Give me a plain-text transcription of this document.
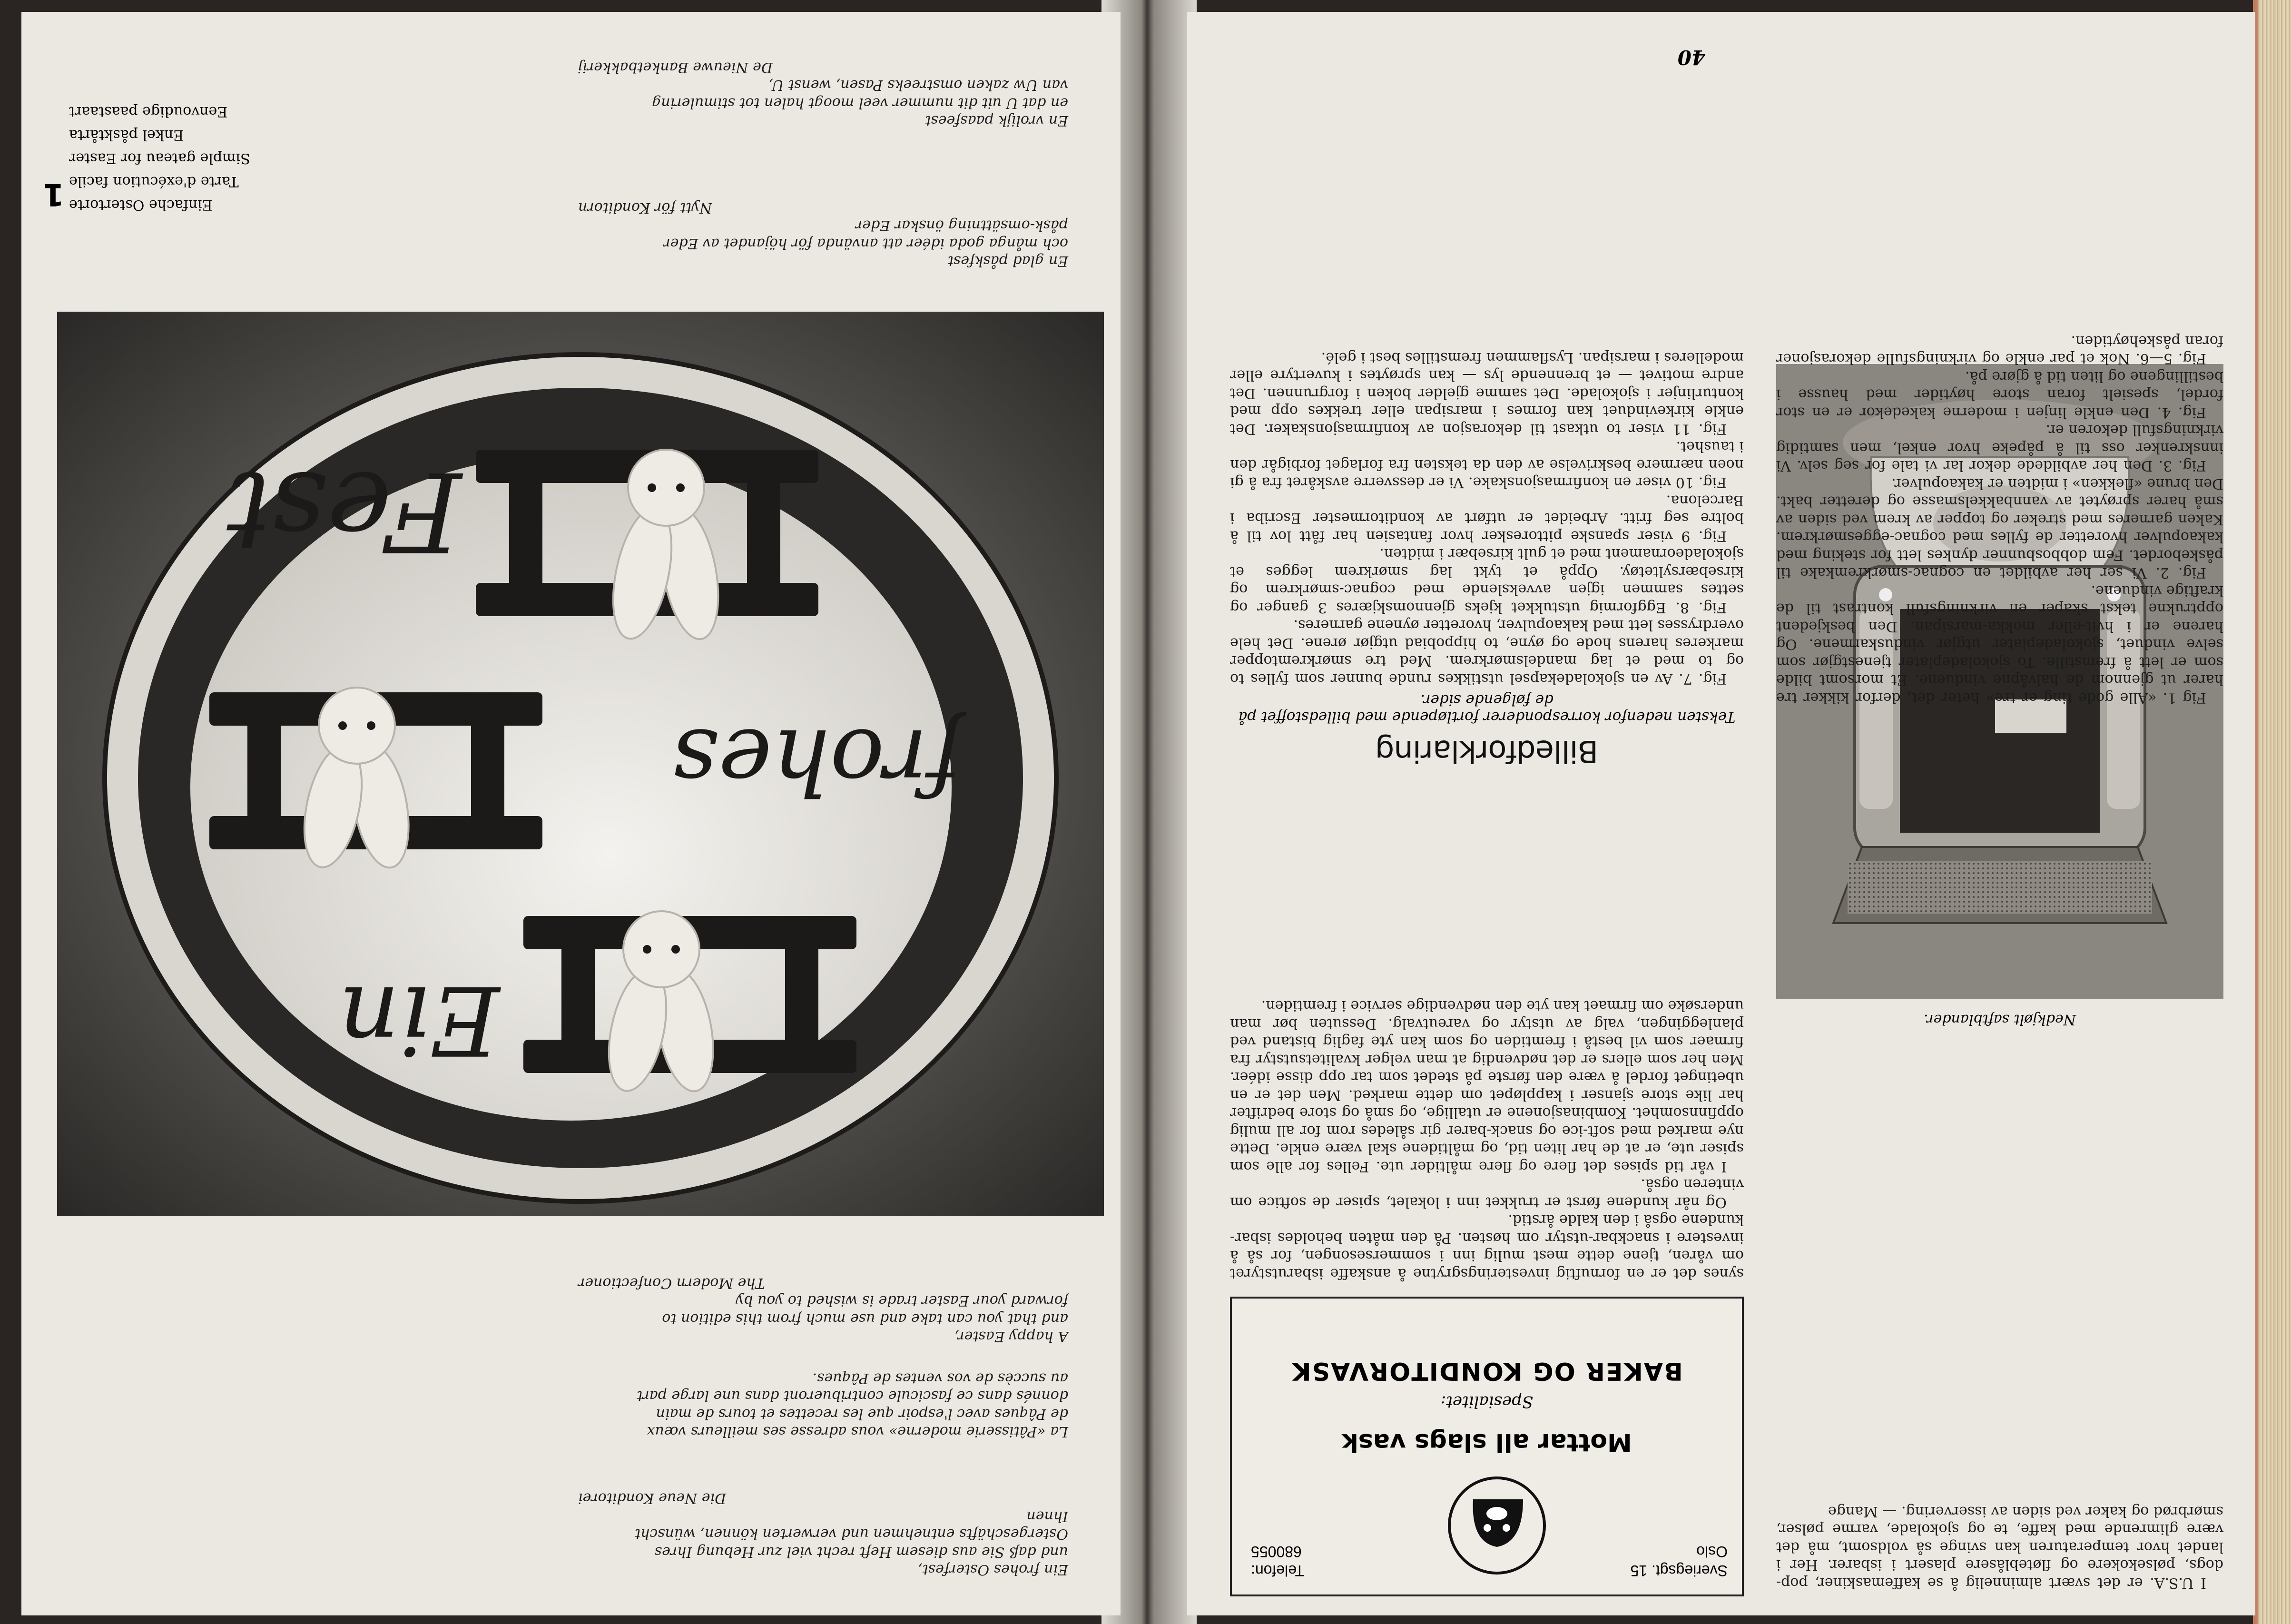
I U.S.A. er det svært alminnelig å se kaffemaskiner, pop-dogs, pølsekokere og fløteblåsere plasert i isbarer. Her i landet hvor temperaturen kan svinge så voldsomt, må det være glimrende med kaffe, te og sjokolade, varme pølser, smørbrød og kaker ved siden av isservering. — Mange

Nedkjølt saftblander.

Fig 1. «Alle gode ting er tre» heter det, derfor kikker tre harer ut gjennom de halvåpne vinduene. Et morsomt bilde som er lett å fremstille. To sjokoladeplater tjenestgjør som selve vinduet, sjokoladeplater utgjør vinduskarmene. Og harene er i hvit-eller mokka-marsipan. Den beskjedent opptrukne tekst skaper en virkningsfull kontrast til de kraftige vinduene.

Fig. 2. Vi ser her avbildet en cognac-smørkremkake til påskebordet. Fem dobbosbunner dynkes lett for steking med kakaopulver hvoretter de fylles med cognac-eggesmørkrem. Kaken garneres med streker og topper av krem ved siden av små harer sprøytet av vannbakkelsmasse og deretter bakt. Den brune «flekken» i midten er kakaopulver.

Fig. 3. Den her avbildede dekor lar vi tale for seg selv. Vi innskrenker oss til å påpeke hvor enkel, men samtidig virkningsfull dekoren er.

Fig. 4. Den enkle linjen i moderne kakedekor er en stor fordel, spesielt foran store høytider med hausse i bestillingene og liten tid å gjøre på.

Fig. 5—6. Nok et par enkle og virkningsfulle dekorasjoner foran påskehøytiden.

Sveriegsgt. 15
Oslo
Telefon:
680055
Mottar all slags vask
Spesialitet:
BAKER OG KONDITORVASK

synes det er en fornuftig investeringsgrytne å anskaffe isbarutstyret om våren, tjene dette mest mulig inn i sommersesongen, for så å investere i snackbar-utstyr om høsten. På den måten beholdes isbar-kundene også i den kalde årstid.

Og når kundene først er trukket inn i lokalet, spiser de softice om vinteren også.

I vår tid spises det flere og flere måltider ute. Felles for alle som spiser ute, er at de har liten tid, og måltidene skal være enkle. Dette nye marked med soft-ice og snack-barer gir således rom for all mulig oppfinnsomhet. Kombinasjonene er utallige, og små og store bedrifter har like store sjanser i kappløpet om dette marked. Men det er en ubetinget fordel å være den første på stedet som tar opp disse idéer. Men her som ellers er det nødvendig at man velger kvalitetsutstyr fra firmaer som vil bestå i fremtiden og som kan yte faglig bistand ved planleggingen, valg av utstyr og vareutvalg. Dessuten bør man undersøke om firmaet kan yte den nødvendige service i fremtiden.

Billedforklaring
Teksten nedenfor korresponderer fortløpende med billedstoffet på de følgende sider.

Fig. 7. Av en sjokoladekapsel utstikkes runde bunner som fylles to og to med et lag mandelsmørkrem. Med tre smørkremtopper markeres harens hode og øyne, to hippobiad utgjør ørene. Det hele overdrysses lett med kakaopulver, hvoretter øynene garneres.

Fig. 8. Eggformig utstukket kjeks gjennomskjæres 3 ganger og settes sammen igjen avvekslende med cognac-smørkrem og kirsebærsyltetøy. Oppå et tykt lag smørkrem legges et sjokoladeornament med et gult kirsebær i midten.

Fig. 9 viser spanske pittoresker hvor fantasien har fått lov til å boltre seg fritt. Arbeidet er utført av konditormester Escriba i Barcelona.

Fig. 10 viser en konfirmasjonskake. Vi er dessverre avskåret fra å gi noen nærmere beskrivelse av den da teksten fra forlaget forbigår den i taushet.

Fig. 11 viser to utkast til dekorasjon av konfirmasjonskaker. Det enkle kirkevinduet kan formes i marsipan eller trekkes opp med konturlinjer i sjokolade. Det samme gjelder boken i forgrunnen. Det andre motivet — et brennende lys — kan sprøytes i kuvertyre eller modelleres i marsipan. Lysflammen fremstilles best i gelé.

40

Ein frohes Osterfest,
und daß Sie aus diesem Heft recht viel zur Hebung Ihres
Ostergeschäfts entnehmen und verwerten können, wünscht
Ihnen

Die Neue Konditorei

La «Pâtisserie moderne» vous adresse ses meilleurs vœux
de Pâques avec l'espoir que les recettes et tours de main
donnés dans ce fascicule contribueront dans une large part
au succès de vos ventes de Pâques.

A happy Easter,
and that you can take and use much from this edition to
forward your Easter trade is wished to you by

The Modern Confectioner

Ein
frohes
Fest

En glad påskfest
och många goda idéer att använda för höjandet av Eder
påsk-omsättning önskar Eder

Nytt för Konditorn

En vrolijk paasfeest
en dat U uit dit nummer veel moogt halen tot stimulering
van Uw zaken omstreeks Pasen, wenst U,

De Nieuwe Banketbakkerij

Einfache Ostertorte
Tarte d'exécution facile
Simple gateau for Easter
Enkel påsktårta
Eenvoudige paastaart
1
